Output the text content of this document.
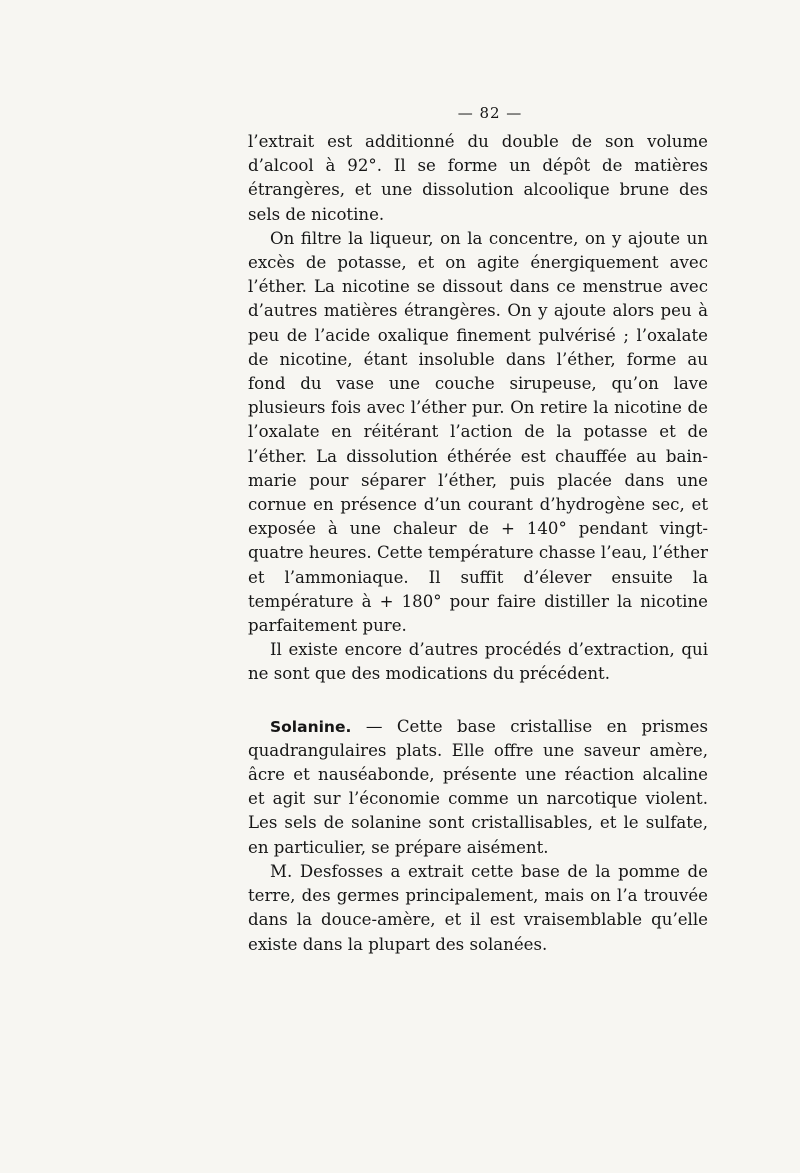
— 82 —

l’extrait est additionné du double de son volume d’alcool à 92°. Il se forme un dépôt de matières étrangères, et une dissolution alcoolique brune des sels de nicotine.

On filtre la liqueur, on la concentre, on y ajoute un excès de potasse, et on agite énergiquement avec l’éther. La nicotine se dissout dans ce menstrue avec d’autres matières étrangères. On y ajoute alors peu à peu de l’acide oxalique finement pulvérisé ; l’oxalate de nicotine, étant insoluble dans l’éther, forme au fond du vase une couche sirupeuse, qu’on lave plusieurs fois avec l’éther pur. On retire la nicotine de l’oxalate en réitérant l’action de la potasse et de l’éther. La dissolution éthérée est chauffée au bain-marie pour séparer l’éther, puis placée dans une cornue en présence d’un courant d’hydrogène sec, et exposée à une chaleur de + 140° pendant vingt-quatre heures. Cette température chasse l’eau, l’éther et l’ammoniaque. Il suffit d’élever ensuite la température à + 180° pour faire distiller la nicotine parfaitement pure.

Il existe encore d’autres procédés d’extraction, qui ne sont que des modications du précédent.

Solanine. — Cette base cristallise en prismes quadrangulaires plats. Elle offre une saveur amère, âcre et nauséabonde, présente une réaction alcaline et agit sur l’économie comme un narcotique violent. Les sels de solanine sont cristallisables, et le sulfate, en particulier, se prépare aisément.

M. Desfosses a extrait cette base de la pomme de terre, des germes principalement, mais on l’a trouvée dans la douce-amère, et il est vraisemblable qu’elle existe dans la plupart des solanées.
